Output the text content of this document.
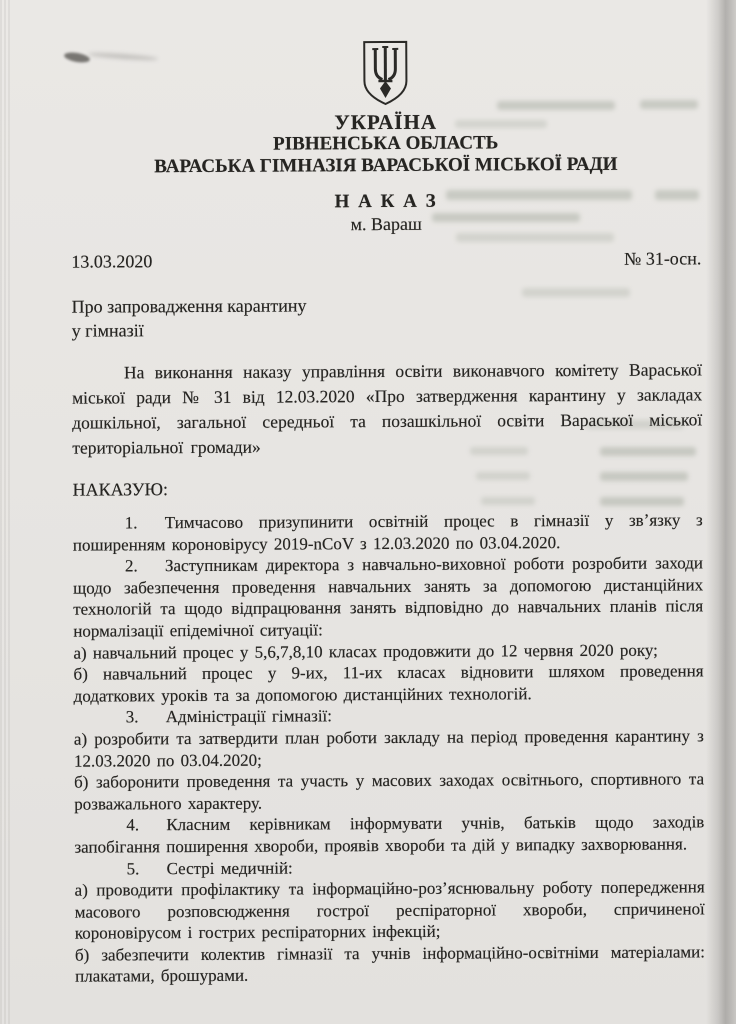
УКРАЇНА

РІВНЕНСЬКА ОБЛАСТЬ

ВАРАСЬКА ГІМНАЗІЯ ВАРАСЬКОЇ МІСЬКОЇ РАДИ

Н А К А З

м. Вараш

13.03.2020	№ 31-осн.
Про запровадження карантину
у гімназії

На виконання наказу управління освіти виконавчого комітету Вараської міської ради № 31 від 12.03.2020 «Про затвердження карантину у закладах дошкільної, загальної середньої та позашкільної освіти Вараської міської територіальної громади»

НАКАЗУЮ:

1. Тимчасово призупинити освітній процес в гімназії у зв’язку з поширенням короновірусу 2019-nCoV з 12.03.2020 по 03.04.2020.

2. Заступникам директора з навчально-виховної роботи розробити заходи щодо забезпечення проведення навчальних занять за допомогою дистанційних технологій та щодо відпрацювання занять відповідно до навчальних планів після нормалізації епідемічної ситуації:

а) навчальний процес у 5,6,7,8,10 класах продовжити до 12 червня 2020 року;

б) навчальний процес у 9-их, 11-их класах відновити шляхом проведення додаткових уроків та за допомогою дистанційних технологій.

3. Адміністрації гімназії:

а) розробити та затвердити план роботи закладу на період проведення карантину з 12.03.2020 по 03.04.2020;

б) заборонити проведення та участь у масових заходах освітнього, спортивного та розважального характеру.

4. Класним керівникам інформувати учнів, батьків щодо заходів запобігання поширення хвороби, проявів хвороби та дій у випадку захворювання.

5. Сестрі медичній:

а) проводити профілактику та інформаційно-роз’яснювальну роботу попередження масового розповсюдження гострої респіраторної хвороби, спричиненої короновірусом і гострих респіраторних інфекцій;

б) забезпечити колектив гімназії та учнів інформаційно-освітніми матеріалами: плакатами, брошурами.
